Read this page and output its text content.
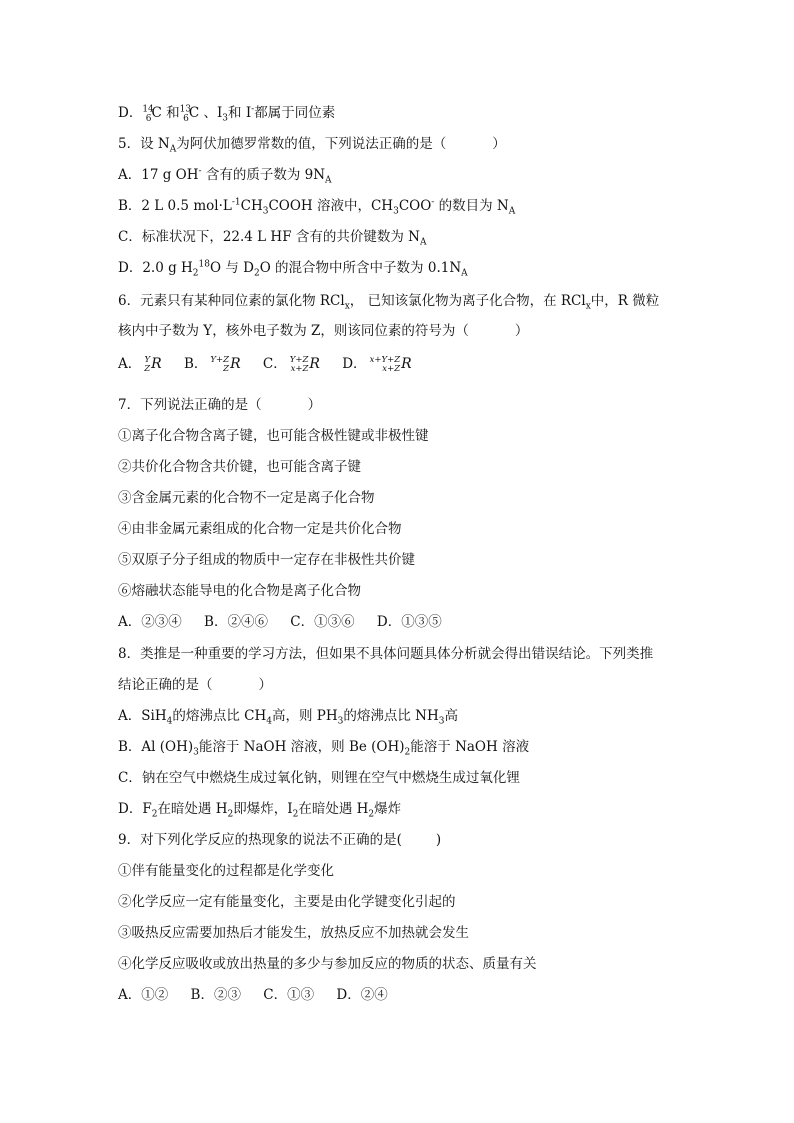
D．$^{14}_6$C 和$^{13}_6$C 、$I_3$和 I-都属于同位素
5．设 $N_A$为阿伏加德罗常数的值，下列说法正确的是（	）
A．17 g OH- 含有的质子数为 $9N_A$
B．2 L 0.5 $mol\cdot L^{-1}CH_3COOH$ 溶液中，$CH_3COO^-$ 的数目为 $N_A$
C．标准状况下，22.4 L HF 含有的共价键数为 $N_A$
D．2.0 g $H_2^{18}O$ 与 $D_2O$ 的混合物中所含中子数为 $0.1N_A$
6．元素只有某种同位素的氯化物 RCl$_x$， 已知该氯化物为离子化合物，在 RCl$_x$中，R 微粒
核内中子数为 Y，核外电子数为 Z，则该同位素的符号为（	）
A． Y
Z R B． Y+Z
Z R C． Y+Z
x+Z R D． x+Y+Z
x+Z R
7．下列说法正确的是（	）
①离子化合物含离子键，也可能含极性键或非极性键
②共价化合物含共价键，也可能含离子键
③含金属元素的化合物不一定是离子化合物
④由非金属元素组成的化合物一定是共价化合物
⑤双原子分子组成的物质中一定存在非极性共价键
⑥熔融状态能导电的化合物是离子化合物
A．②③④ B．②④⑥ C．①③⑥ D．①③⑤
8．类推是一种重要的学习方法，但如果不具体问题具体分析就会得出错误结论。下列类推
结论正确的是（	）
A．SiH$_4$的熔沸点比 $CH_4$高，则 $PH_3$的熔沸点比 $NH_3$高
B．Al $(OH)_3$能溶于 NaOH 溶液，则 Be $(OH)_2$能溶于 NaOH 溶液
C．钠在空气中燃烧生成过氧化钠，则锂在空气中燃烧生成过氧化锂
D．$F_2$在暗处遇 $H_2$即爆炸，$I_2$在暗处遇 $H_2$爆炸
9．对下列化学反应的热现象的说法不正确的是(	)
①伴有能量变化的过程都是化学变化
②化学反应一定有能量变化，主要是由化学键变化引起的
③吸热反应需要加热后才能发生，放热反应不加热就会发生
④化学反应吸收或放出热量的多少与参加反应的物质的状态、质量有关
A．①② B．②③ C．①③ D．②④
